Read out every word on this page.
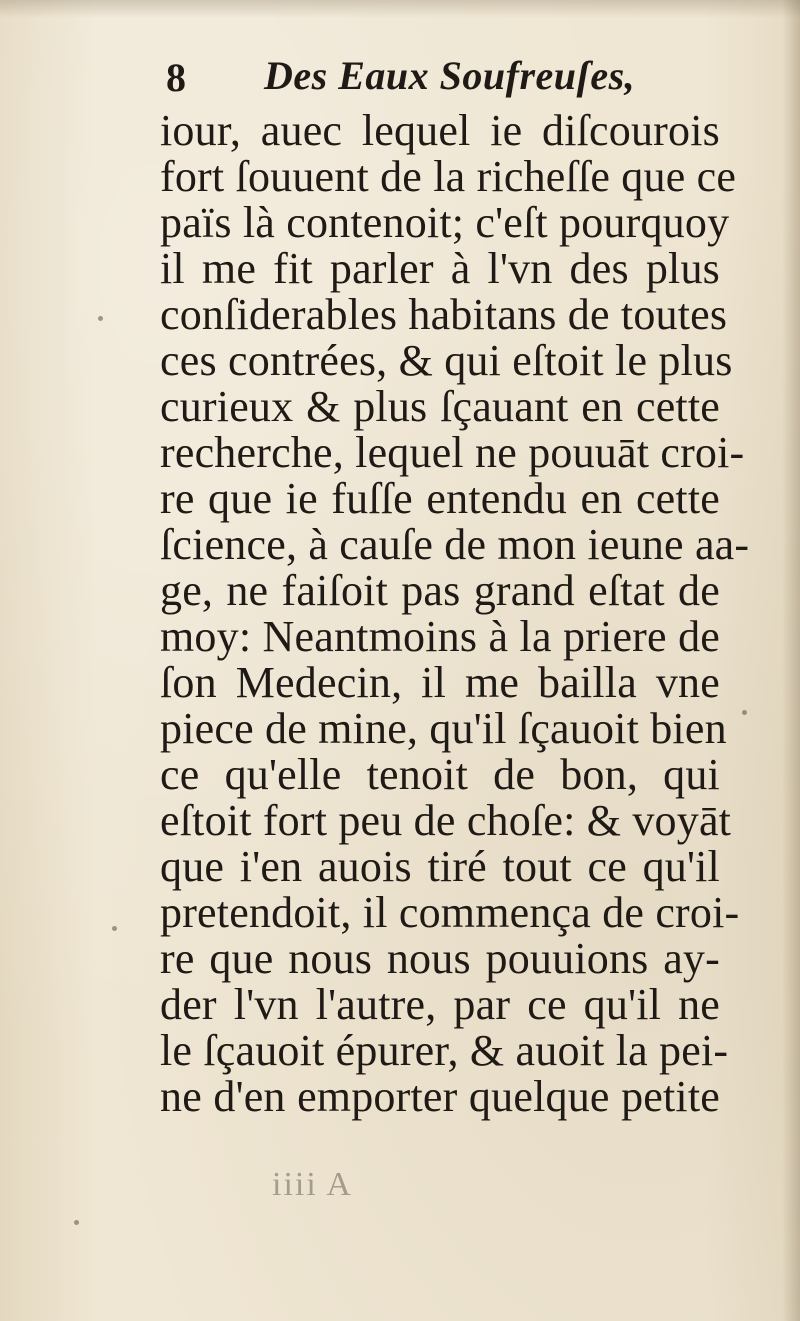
8 Des Eaux Soufreuſes,
iour, auec lequel ie diſcourois
fort ſouuent de la richeſſe que ce
païs là contenoit; c'eſt pourquoy
il me fit parler à l'vn des plus
conſiderables habitans de toutes
ces contrées, & qui eſtoit le plus
curieux & plus ſçauant en cette
recherche, lequel ne pouuāt croi-
re que ie fuſſe entendu en cette
ſcience, à cauſe de mon ieune aa-
ge, ne faiſoit pas grand eſtat de
moy: Neantmoins à la priere de
ſon Medecin, il me bailla vne
piece de mine, qu'il ſçauoit bien
ce qu'elle tenoit de bon, qui
eſtoit fort peu de choſe: & voyāt
que i'en auois tiré tout ce qu'il
pretendoit, il commença de croi-
re que nous nous pouuions ay-
der l'vn l'autre, par ce qu'il ne
le ſçauoit épurer, & auoit la pei-
ne d'en emporter quelque petite
iiii A
